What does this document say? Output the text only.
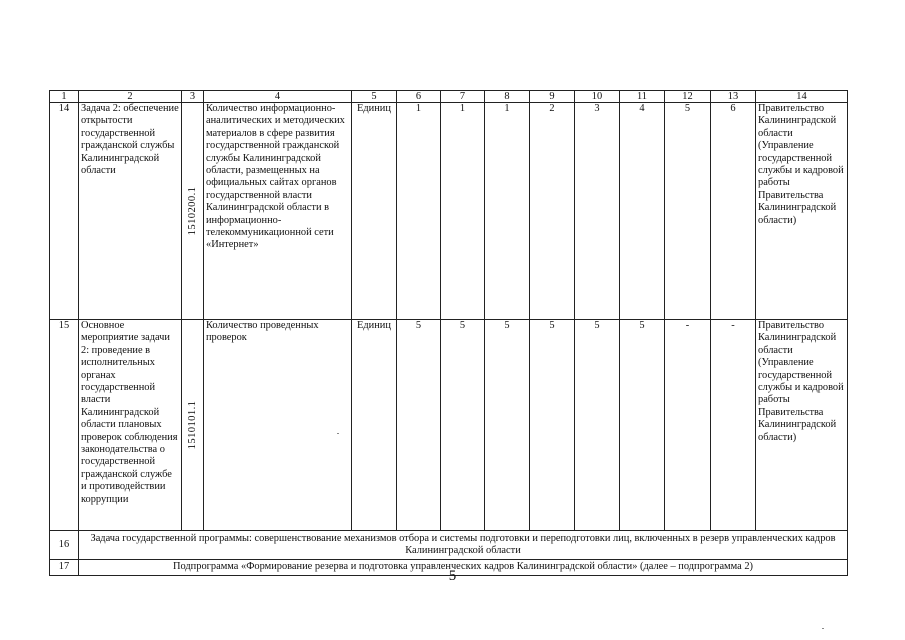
1	2	3	4	5	6	7	8	9	10	11	12	13	14
14	Задача 2: обеспечение открытости государственной гражданской службы Калининградской области	1510200.1	Количество информационно-аналитических и методических материалов в сфере развития государственной гражданской службы Калининградской области, размещенных на официальных сайтах органов государственной власти Калининградской области в информационно-телекоммуникационной сети «Интернет»	Единиц	1	1	1	2	3	4	5	6	Правительство Калининградской области (Управление государственной службы и кадровой работы Правительства Калининградской области)
15	Основное мероприятие задачи 2: проведение в исполнительных органах государственной власти Калининградской области плановых проверок соблюдения законодательства о государственной гражданской службе и противодействии коррупции	1510101.1	Количество проведенных проверок	Единиц	5	5	5	5	5	5	-	-	Правительство Калининградской области (Управление государственной службы и кадровой работы Правительства Калининградской области)
16	Задача государственной программы: совершенствование механизмов отбора и системы подготовки и переподготовки лиц, включенных в резерв управленческих кадров Калининградской области												
17	Подпрограмма «Формирование резерва и подготовка управленческих кадров Калининградской области» (далее – подпрограмма 2)												
5
